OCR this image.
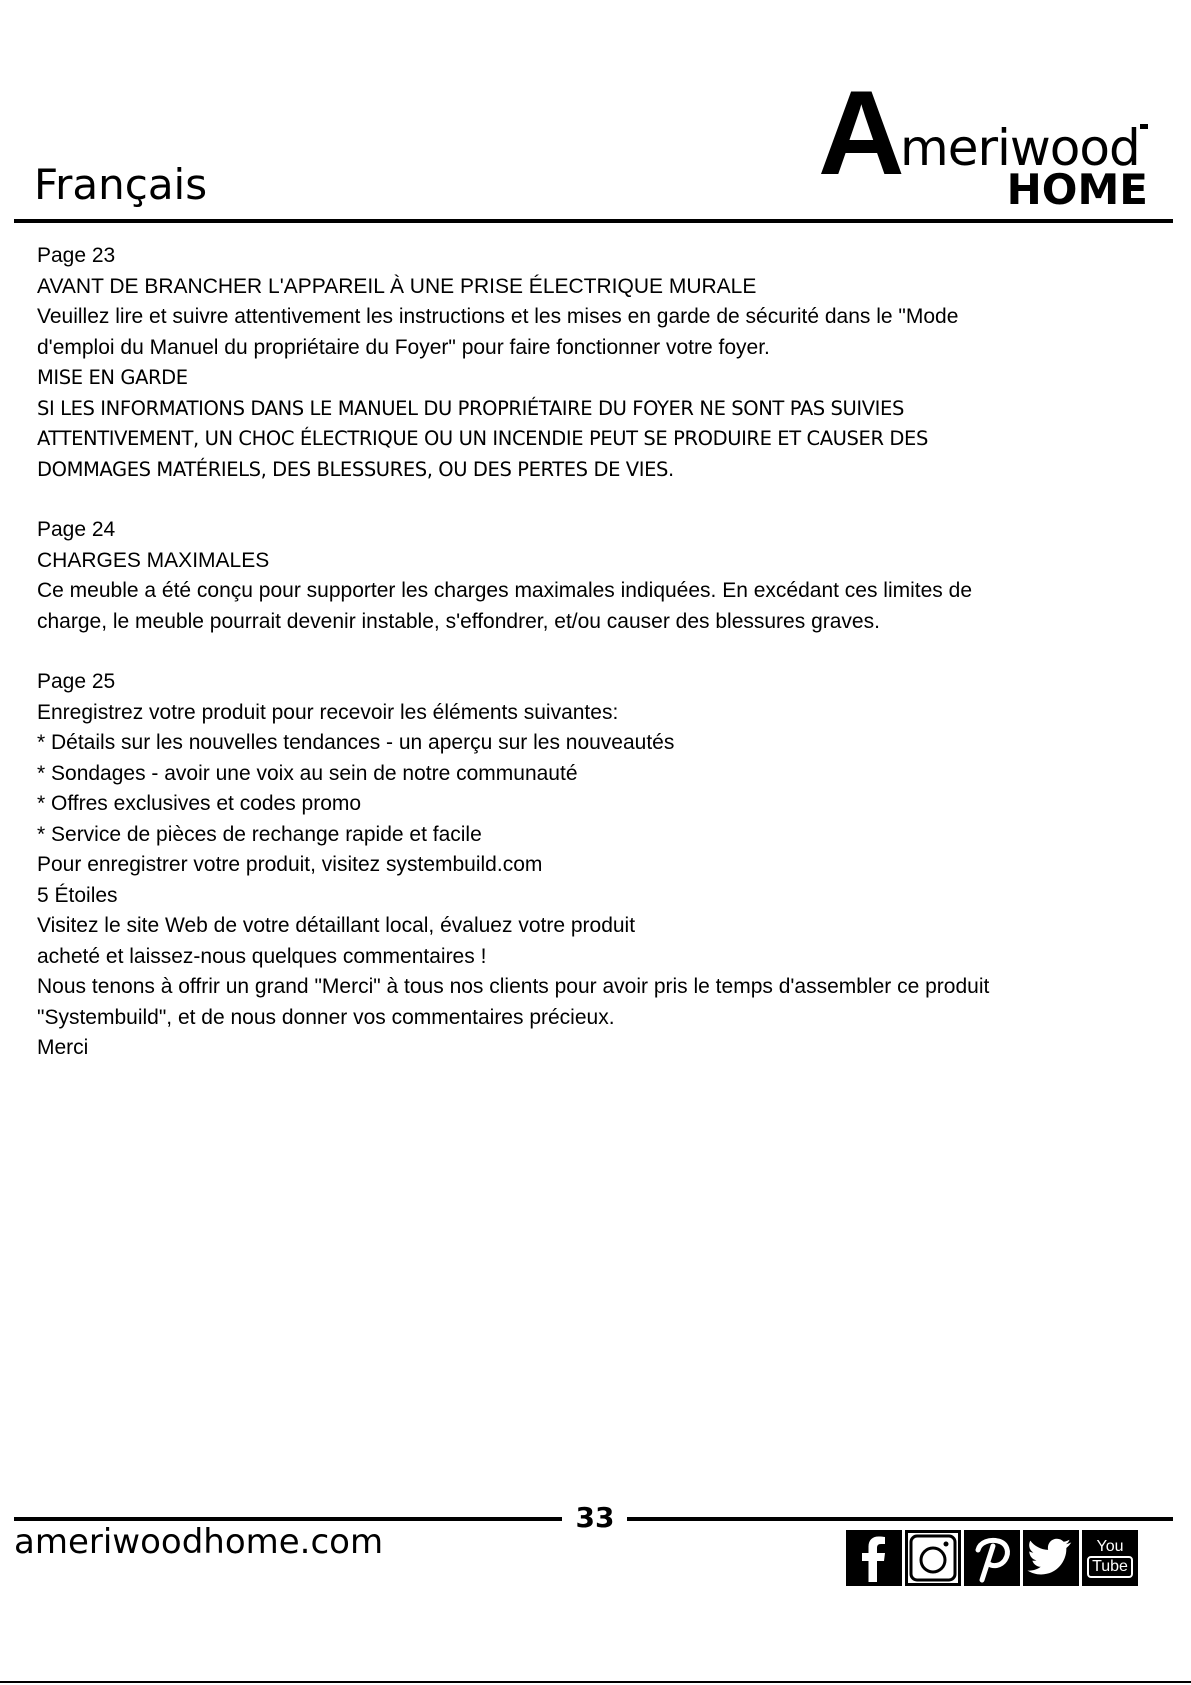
Français	A
meriwood
HOME
Page 23
AVANT DE BRANCHER L'APPAREIL À UNE PRISE ÉLECTRIQUE MURALE
Veuillez lire et suivre attentivement les instructions et les mises en garde de sécurité dans le "Mode
d'emploi du Manuel du propriétaire du Foyer" pour faire fonctionner votre foyer.
MISE EN GARDE
SI LES INFORMATIONS DANS LE MANUEL DU PROPRIÉTAIRE DU FOYER NE SONT PAS SUIVIES
ATTENTIVEMENT, UN CHOC ÉLECTRIQUE OU UN INCENDIE PEUT SE PRODUIRE ET CAUSER DES
DOMMAGES MATÉRIELS, DES BLESSURES, OU DES PERTES DE VIES.
Page 24
CHARGES MAXIMALES
Ce meuble a été conçu pour supporter les charges maximales indiquées. En excédant ces limites de
charge, le meuble pourrait devenir instable, s'effondrer, et/ou causer des blessures graves.
Page 25
Enregistrez votre produit pour recevoir les éléments suivantes:
* Détails sur les nouvelles tendances - un aperçu sur les nouveautés
* Sondages - avoir une voix au sein de notre communauté
* Offres exclusives et codes promo
* Service de pièces de rechange rapide et facile
Pour enregistrer votre produit, visitez systembuild.com
5 Étoiles
Visitez le site Web de votre détaillant local, évaluez votre produit
acheté et laissez-nous quelques commentaires !
Nous tenons à offrir un grand "Merci" à tous nos clients pour avoir pris le temps d'assembler ce produit
"Systembuild", et de nous donner vos commentaires précieux.
Merci
33
ameriwoodhome.com	You
Tube
